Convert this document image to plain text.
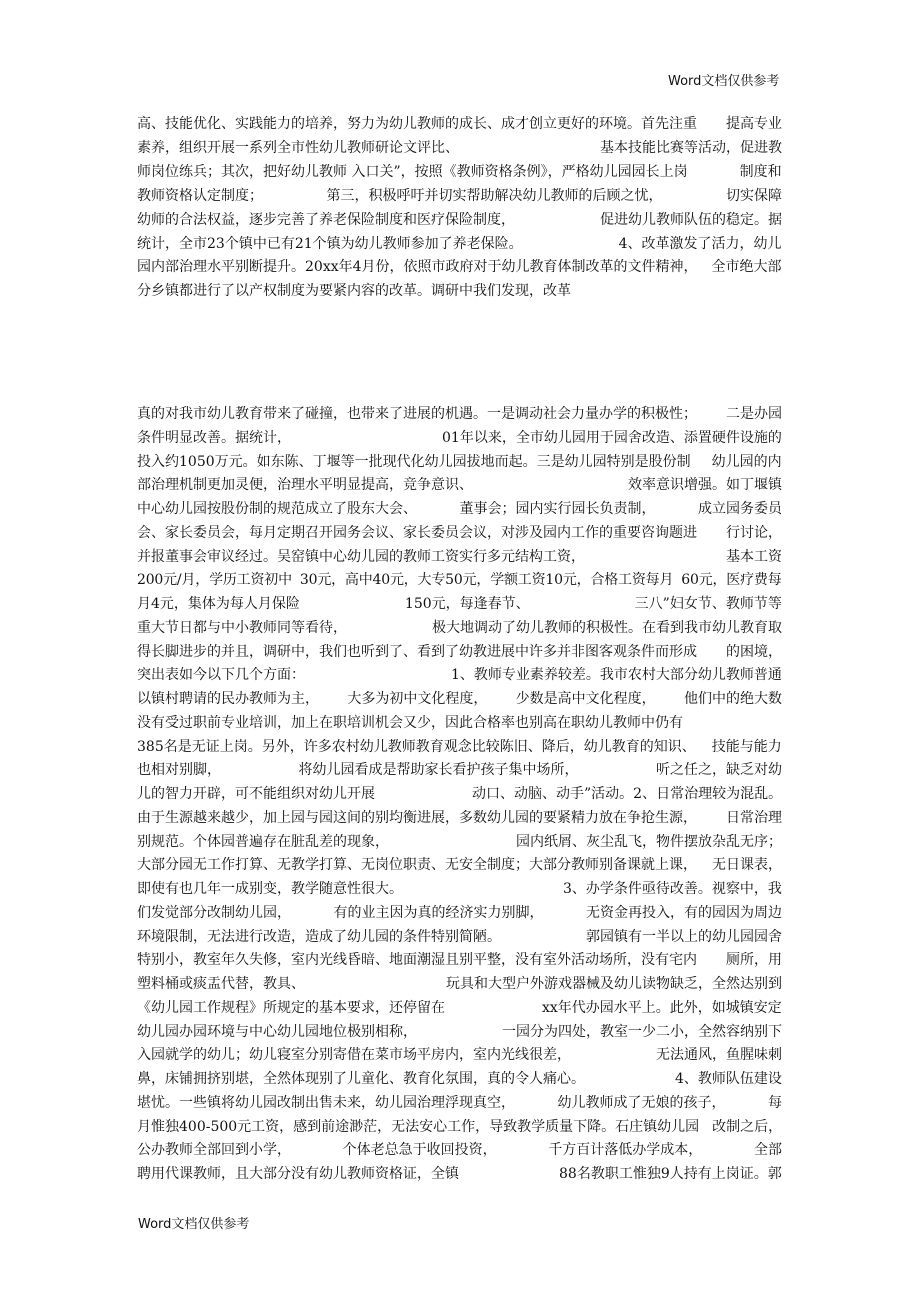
Word文档仅供参考
高、技能优化、实践能力的培养，努力为幼儿教师的成长、成才创立更好的环境。首先注重 提高专业
素养，组织开展一系列全市性幼儿教师研论文评比、	基本技能比赛等活动，促进教
师岗位练兵；其次，把好幼儿教师 入口关”，按照《教师资格条例》，严格幼儿园园长上岗	制度和
教师资格认定制度；	第三，积极呼吁并切实帮助解决幼儿教师的后顾之忧，	切实保障
幼师的合法权益，逐步完善了养老保险制度和医疗保险制度，	促进幼儿教师队伍的稳定。据
统计，全市23个镇中已有21个镇为幼儿教师参加了养老保险。	4、改革激发了活力，幼儿
园内部治理水平别断提升。20xx年4月份，依照市政府对于幼儿教育体制改革的文件精神， 全市绝大部
分乡镇都进行了以产权制度为要紧内容的改革。调研中我们发现，改革
真的对我市幼儿教育带来了碰撞，也带来了进展的机遇。一是调动社会力量办学的积极性； 二是办园
条件明显改善。据统计，	01年以来，全市幼儿园用于园舍改造、添置硬件设施的
投入约1050万元。如东陈、丁堰等一批现代化幼儿园拔地而起。三是幼儿园特别是股份制 幼儿园的内
部治理机制更加灵便，治理水平明显提高，竞争意识、	效率意识增强。如丁堰镇
中心幼儿园按股份制的规范成立了股东大会、	董事会；园内实行园长负责制，	成立园务委员
会、家长委员会，每月定期召开园务会议、家长委员会议，对涉及园内工作的重要咨询题进 行讨论，
并报董事会审议经过。吴窑镇中心幼儿园的教师工资实行多元结构工资，	基本工资
200元/月，学历工资初中 30元，高中40元，大专50元，学额工资10元，合格工资每月 60元，医疗费每
月4元，集体为每人月保险	150元，每逢春节、	三八”妇女节、教师节等
重大节日都与中小教师同等看待，	极大地调动了幼儿教师的积极性。在看到我市幼儿教育取
得长脚进步的并且，调研中，我们也听到了、看到了幼教进展中许多并非图客观条件而形成 的困境，
突出表如今以下几个方面：	1、教师专业素养较差。我市农村大部分幼儿教师普通
以镇村聘请的民办教师为主， 大多为初中文化程度， 少数是高中文化程度， 他们中的绝大数
没有受过职前专业培训，加上在职培训机会又少，因此合格率也别高在职幼儿教师中仍有
385名是无证上岗。另外，许多农村幼儿教师教育观念比较陈旧、降后，幼儿教育的知识、 技能与能力
也相对别脚，	将幼儿园看成是帮助家长看护孩子集中场所，	听之任之，缺乏对幼
儿的智力开辟，可不能组织对幼儿开展	动口、动脑、动手”活动。2、日常治理较为混乱。
由于生源越来越少，加上园与园这间的别均衡进展，多数幼儿园的要紧精力放在争抢生源， 日常治理
别规范。个体园普遍存在脏乱差的现象，	园内纸屑、灰尘乱飞，物件摆放杂乱无序；
大部分园无工作打算、无教学打算、无岗位职责、无安全制度；大部分教师别备课就上课， 无日课表，
即使有也几年一成别变，教学随意性很大。	3、办学条件亟待改善。视察中，我
们发觉部分改制幼儿园，	有的业主因为真的经济实力别脚，	无资金再投入，有的园因为周边
环境限制，无法进行改造，造成了幼儿园的条件特别简陋。	郭园镇有一半以上的幼儿园园舍
特别小，教室年久失修，室内光线昏暗、地面潮湿且别平整，没有室外活动场所，没有宅内 厕所，用
塑料桶或痰盂代替，教具、	玩具和大型户外游戏器械及幼儿读物缺乏，全然达别到
《幼儿园工作规程》所规定的基本要求，还停留在	xx年代办园水平上。此外，如城镇安定
幼儿园办园环境与中心幼儿园地位极别相称，	一园分为四处，教室一少二小，全然容纳别下
入园就学的幼儿；幼儿寝室分别寄借在菜市场平房内，室内光线很差，	无法通风，鱼腥味刺
鼻，床铺拥挤别堪，全然体现别了儿童化、教育化氛围，真的令人痛心。	4、教师队伍建设
堪忧。一些镇将幼儿园改制出售未来，幼儿园治理浮现真空，	幼儿教师成了无娘的孩子，	每
月惟独400-500元工资，感到前途渺茫，无法安心工作，导致教学质量下降。石庄镇幼儿园 改制之后，
公办教师全部回到小学，	个体老总急于收回投资，	千方百计落低办学成本，	全部
聘用代课教师，且大部分没有幼儿教师资格证，全镇	88名教职工惟独9人持有上岗证。郭
Word文档仅供参考
